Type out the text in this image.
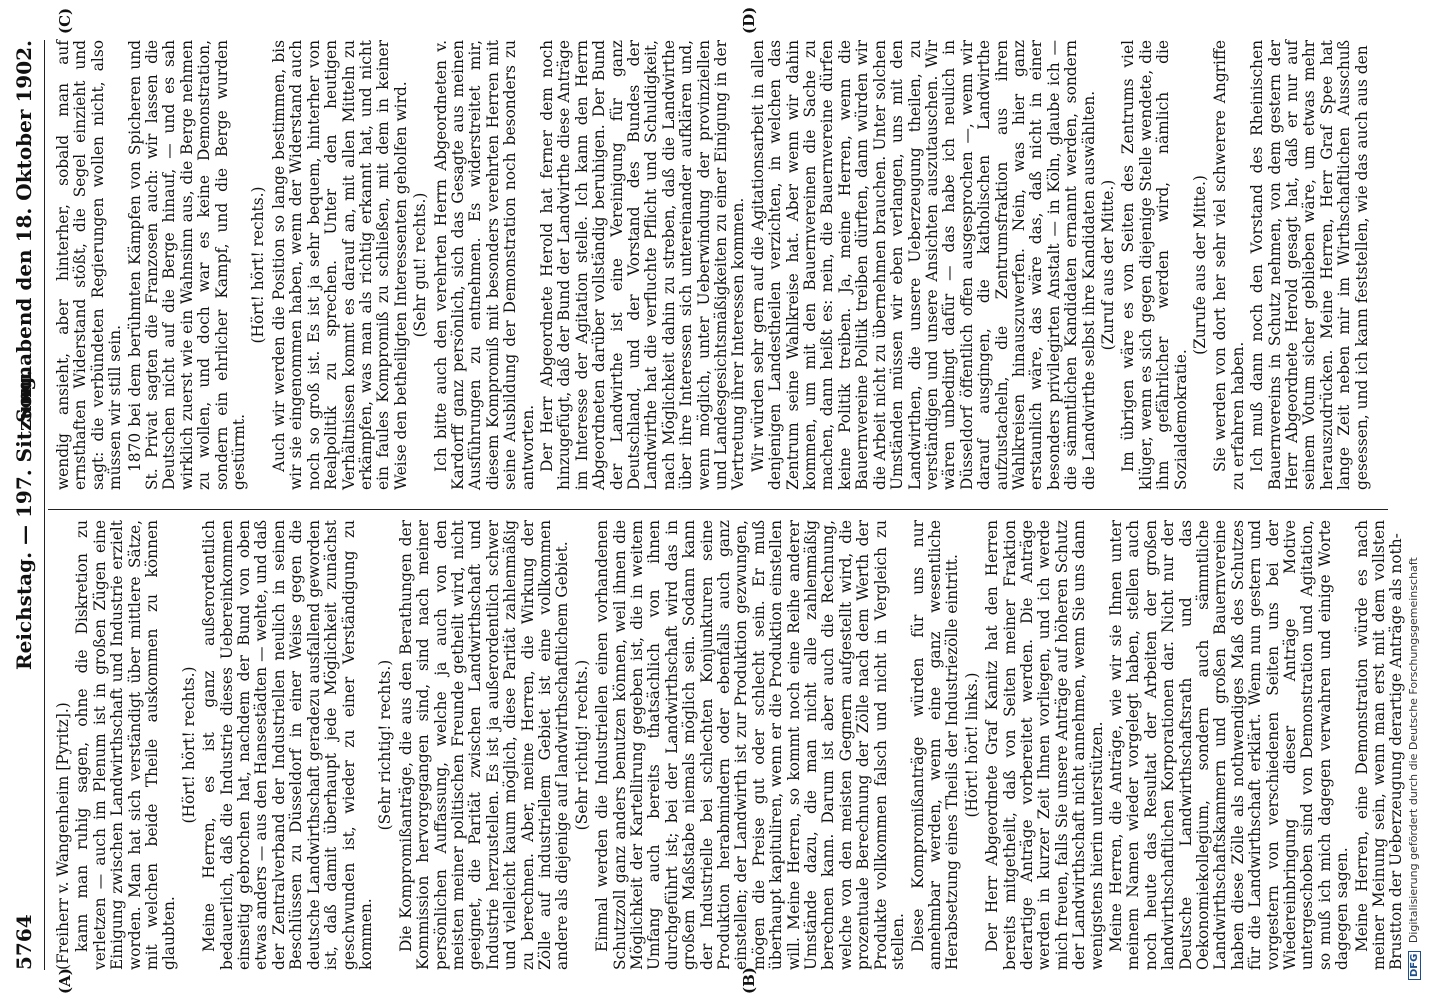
5764
Reichstag. — 197. Sitzung.
Sonnabend den 18. Oktober 1902.
(A)	(B)
(C)	(D)

(Freiherr v. Wangenheim [Pyritz].) kann man ruhig sagen, ohne die Diskretion zu verletzen — auch im Plenum ist in großen Zügen eine Einigung zwischen Landwirthschaft und Industrie erzielt worden. Man hat sich verständigt über mittlere Sätze, mit welchen beide Theile auskommen zu können glaubten.

(Hört! hört! rechts.) Meine Herren, es ist ganz außerordentlich bedauerlich, daß die Industrie dieses Uebereinkommen einseitig gebrochen hat, nachdem der Bund von oben etwas anders — aus den Hansestädten — wehte, und daß der Zentralverband der Industriellen neulich in seinen Beschlüssen zu Düsseldorf in einer Weise gegen die deutsche Landwirthschaft geradezu ausfallend geworden ist, daß damit überhaupt jede Möglichkeit zunächst geschwunden ist, wieder zu einer Verständigung zu kommen.

(Sehr richtig! rechts.) Die Kompromißanträge, die aus den Berathungen der Kommission hervorgegangen sind, sind nach meiner persönlichen Auffassung, welche ja auch von den meisten meiner politischen Freunde getheilt wird, nicht geeignet, die Parität zwischen Landwirthschaft und Industrie herzustellen. Es ist ja außerordentlich schwer und vielleicht kaum möglich, diese Parität zahlenmäßig zu berechnen. Aber, meine Herren, die Wirkung der Zölle auf industriellem Gebiet ist eine vollkommen andere als diejenige auf landwirthschaftlichem Gebiet. (Sehr richtig! rechts.) Einmal werden die Industriellen einen vorhandenen Schutzzoll ganz anders benutzen können, weil ihnen die Möglichkeit der Kartellirung gegeben ist, die in weitem Umfang auch bereits thatsächlich von ihnen durchgeführt ist; bei der Landwirthschaft wird das in großem Maßstabe niemals möglich sein. Sodann kann der Industrielle bei schlechten Konjunkturen seine Produktion herabmindern oder ebenfalls auch ganz einstellen; der Landwirth ist zur Produktion gezwungen, mögen die Preise gut oder schlecht sein. Er muß überhaupt kapituliren, wenn er die Produktion einstellen will. Meine Herren, so kommt noch eine Reihe anderer Umstände dazu, die man nicht alle zahlenmäßig berechnen kann. Darum ist aber auch die Rechnung, welche von den meisten Gegnern aufgestellt wird, die prozentuale Berechnung der Zölle nach dem Werth der Produkte vollkommen falsch und nicht in Vergleich zu stellen. Diese Kompromißanträge würden für uns nur annehmbar werden, wenn eine ganz wesentliche Herabsetzung eines Theils der Industriezölle eintritt. (Hört! hört! links.) Der Herr Abgeordnete Graf Kanitz hat den Herren bereits mitgetheilt, daß von Seiten meiner Fraktion derartige Anträge vorbereitet werden. Die Anträge werden in kurzer Zeit Ihnen vorliegen, und ich werde mich freuen, falls Sie unsere Anträge auf höheren Schutz der Landwirthschaft nicht annehmen, wenn Sie uns dann wenigstens hierin unterstützen. Meine Herren, die Anträge, wie wir sie Ihnen unter meinem Namen wieder vorgelegt haben, stellen auch noch heute das Resultat der Arbeiten der großen landwirthschaftlichen Korporationen dar. Nicht nur der Deutsche Landwirthschaftsrath und das Oekonomiekollegium, sondern auch sämmtliche Landwirthschaftskammern und großen Bauernvereine haben diese Zölle als nothwendiges Maß des Schutzes für die Landwirthschaft erklärt. Wenn nun gestern und vorgestern von verschiedenen Seiten uns bei der Wiedereinbringung dieser Anträge Motive untergeschoben sind von Demonstration und Agitation, so muß ich mich dagegen verwahren und einige Worte dagegen sagen. Meine Herren, eine Demonstration würde es nach meiner Meinung sein, wenn man erst mit dem vollsten Brustton der Ueberzeugung derartige Anträge als noth-

wendig ansieht, aber hinterher, sobald man auf ernsthaften Widerstand stößt, die Segel einzieht und sagt: die verbündeten Regierungen wollen nicht, also müssen wir still sein. 1870 bei dem berühmten Kämpfen von Spicheren und St. Privat sagten die Franzosen auch: wir lassen die Deutschen nicht auf die Berge hinauf, — und es sah wirklich zuerst wie ein Wahnsinn aus, die Berge nehmen zu wollen, und doch war es keine Demonstration, sondern ein ehrlicher Kampf, und die Berge wurden gestürmt.

(Hört! hört! rechts.) Auch wir werden die Position so lange bestimmen, bis wir sie eingenommen haben, wenn der Widerstand auch noch so groß ist. Es ist ja sehr bequem, hinterher von Realpolitik zu sprechen. Unter den heutigen Verhältnissen kommt es darauf an, mit allen Mitteln zu erkämpfen, was man als richtig erkannt hat, und nicht ein faules Kompromiß zu schließen, mit dem in keiner Weise den betheiligten Interessenten geholfen wird. (Sehr gut! rechts.) Ich bitte auch den verehrten Herrn Abgeordneten v. Kardorff ganz persönlich, sich das Gesagte aus meinen Ausführungen zu entnehmen. Es widerstreitet mir, diesem Kompromiß mit besonders verehrten Herren mit seine Ausbildung der Demonstration noch besonders zu antworten. Der Herr Abgeordnete Herold hat ferner dem noch hinzugefügt, daß der Bund der Landwirthe diese Anträge im Interesse der Agitation stelle. Ich kann den Herrn Abgeordneten darüber vollständig beruhigen. Der Bund der Landwirthe ist eine Vereinigung für ganz Deutschland, und der Vorstand des Bundes der Landwirthe hat die verfluchte Pflicht und Schuldigkeit, nach Möglichkeit dahin zu streben, daß die Landwirthe über ihre Interessen sich untereinander aufklären und, wenn möglich, unter Ueberwindung der provinziellen und Landesgesichtsmäßigkeiten zu einer Einigung in der Vertretung ihrer Interessen kommen. Wir würden sehr gern auf die Agitationsarbeit in allen denjenigen Landestheilen verzichten, in welchen das Zentrum seine Wahlkreise hat. Aber wenn wir dahin kommen, um mit den Bauernvereinen die Sache zu machen, dann heißt es: nein, die Bauernvereine dürfen keine Politik treiben. Ja, meine Herren, wenn die Bauernvereine Politik treiben dürften, dann würden wir die Arbeit nicht zu übernehmen brauchen. Unter solchen Umständen müssen wir eben verlangen, uns mit den Landwirthen, die unsere Ueberzeugung theilen, zu verständigen und unsere Ansichten auszutauschen. Wir wären unbedingt dafür — das habe ich neulich in Düsseldorf öffentlich offen ausgesprochen —, wenn wir darauf ausgingen, die katholischen Landwirthe aufzustacheln, die Zentrumsfraktion aus ihren Wahlkreisen hinauszuwerfen. Nein, was hier ganz erstaunlich wäre, das wäre das, daß nicht in einer besonders privilegirten Anstalt — in Köln, glaube ich — die sämmtlichen Kandidaten ernannt werden, sondern die Landwirthe selbst ihre Kandidaten auswählten. (Zuruf aus der Mitte.) Im übrigen wäre es von Seiten des Zentrums viel klüger, wenn es sich gegen diejenige Stelle wendete, die ihm gefährlicher werden wird, nämlich die Sozialdemokratie.

(Zurufe aus der Mitte.) Sie werden von dort her sehr viel schwerere Angriffe zu erfahren haben. Ich muß dann noch den Vorstand des Rheinischen Bauernvereins in Schutz nehmen, von dem gestern der Herr Abgeordnete Herold gesagt hat, daß er nur auf seinem Votum sicher geblieben wäre, um etwas mehr herauszudrücken. Meine Herren, Herr Graf Spee hat lange Zeit neben mir im Wirthschaftlichen Ausschuß gesessen, und ich kann feststellen, wie das auch aus den

DFG Digitalisierung gefördert durch die Deutsche Forschungsgemeinschaft
